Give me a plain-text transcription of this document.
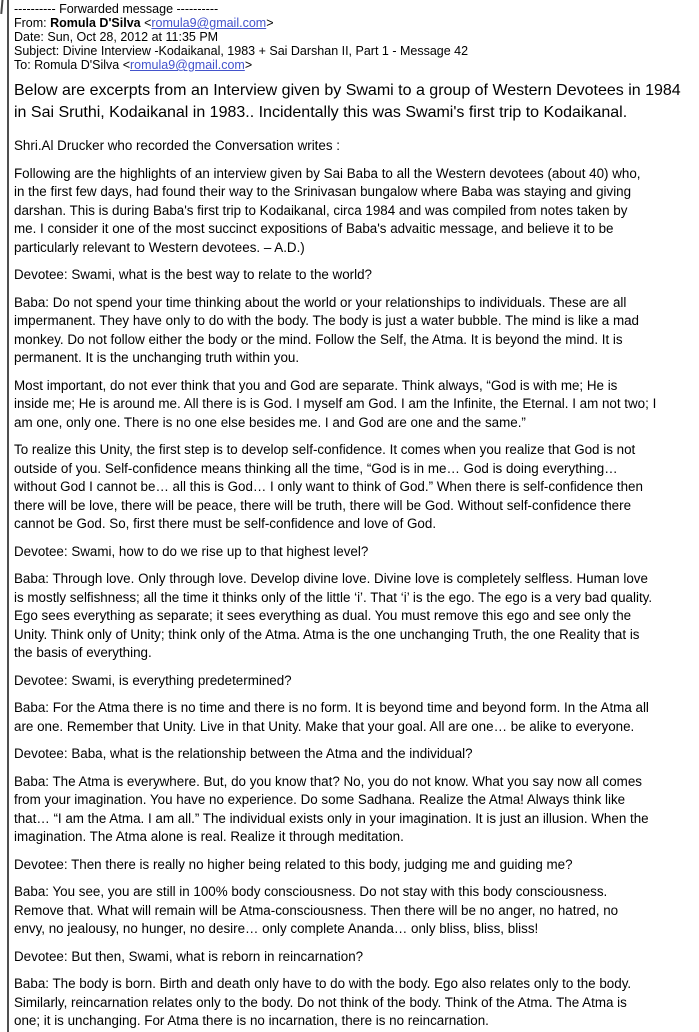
---------- Forwarded message ----------
From: Romula D'Silva <romula9@gmail.com>
Date: Sun, Oct 28, 2012 at 11:35 PM
Subject: Divine Interview -Kodaikanal, 1983 + Sai Darshan II, Part 1 - Message 42
To: Romula D'Silva <romula9@gmail.com>
Below are excerpts from an Interview given by Swami to a group of Western Devotees in 1984
in Sai Sruthi, Kodaikanal in 1983.. Incidentally this was Swami's first trip to Kodaikanal.

Shri.Al Drucker who recorded the Conversation writes :

Following are the highlights of an interview given by Sai Baba to all the Western devotees (about 40) who,
in the first few days, had found their way to the Srinivasan bungalow where Baba was staying and giving
darshan. This is during Baba's first trip to Kodaikanal, circa 1984 and was compiled from notes taken by
me. I consider it one of the most succinct expositions of Baba's advaitic message, and believe it to be
particularly relevant to Western devotees. – A.D.)

Devotee: Swami, what is the best way to relate to the world?

Baba: Do not spend your time thinking about the world or your relationships to individuals. These are all
impermanent. They have only to do with the body. The body is just a water bubble. The mind is like a mad
monkey. Do not follow either the body or the mind. Follow the Self, the Atma. It is beyond the mind. It is
permanent. It is the unchanging truth within you.

Most important, do not ever think that you and God are separate. Think always, “God is with me; He is
inside me; He is around me. All there is is God. I myself am God. I am the Infinite, the Eternal. I am not two; I
am one, only one. There is no one else besides me. I and God are one and the same.”

To realize this Unity, the first step is to develop self-confidence. It comes when you realize that God is not
outside of you. Self-confidence means thinking all the time, “God is in me… God is doing everything…
without God I cannot be… all this is God… I only want to think of God.” When there is self-confidence then
there will be love, there will be peace, there will be truth, there will be God. Without self-confidence there
cannot be God. So, first there must be self-confidence and love of God.

Devotee: Swami, how to do we rise up to that highest level?

Baba: Through love. Only through love. Develop divine love. Divine love is completely selfless. Human love
is mostly selfishness; all the time it thinks only of the little ‘i’. That ‘i’ is the ego. The ego is a very bad quality.
Ego sees everything as separate; it sees everything as dual. You must remove this ego and see only the
Unity. Think only of Unity; think only of the Atma. Atma is the one unchanging Truth, the one Reality that is
the basis of everything.

Devotee: Swami, is everything predetermined?

Baba: For the Atma there is no time and there is no form. It is beyond time and beyond form. In the Atma all
are one. Remember that Unity. Live in that Unity. Make that your goal. All are one… be alike to everyone.

Devotee: Baba, what is the relationship between the Atma and the individual?

Baba: The Atma is everywhere. But, do you know that? No, you do not know. What you say now all comes
from your imagination. You have no experience. Do some Sadhana. Realize the Atma! Always think like
that… “I am the Atma. I am all.” The individual exists only in your imagination. It is just an illusion. When the
imagination. The Atma alone is real. Realize it through meditation.

Devotee: Then there is really no higher being related to this body, judging me and guiding me?

Baba: You see, you are still in 100% body consciousness. Do not stay with this body consciousness.
Remove that. What will remain will be Atma-consciousness. Then there will be no anger, no hatred, no
envy, no jealousy, no hunger, no desire… only complete Ananda… only bliss, bliss, bliss!

Devotee: But then, Swami, what is reborn in reincarnation?

Baba: The body is born. Birth and death only have to do with the body. Ego also relates only to the body.
Similarly, reincarnation relates only to the body. Do not think of the body. Think of the Atma. The Atma is
one; it is unchanging. For Atma there is no incarnation, there is no reincarnation.
